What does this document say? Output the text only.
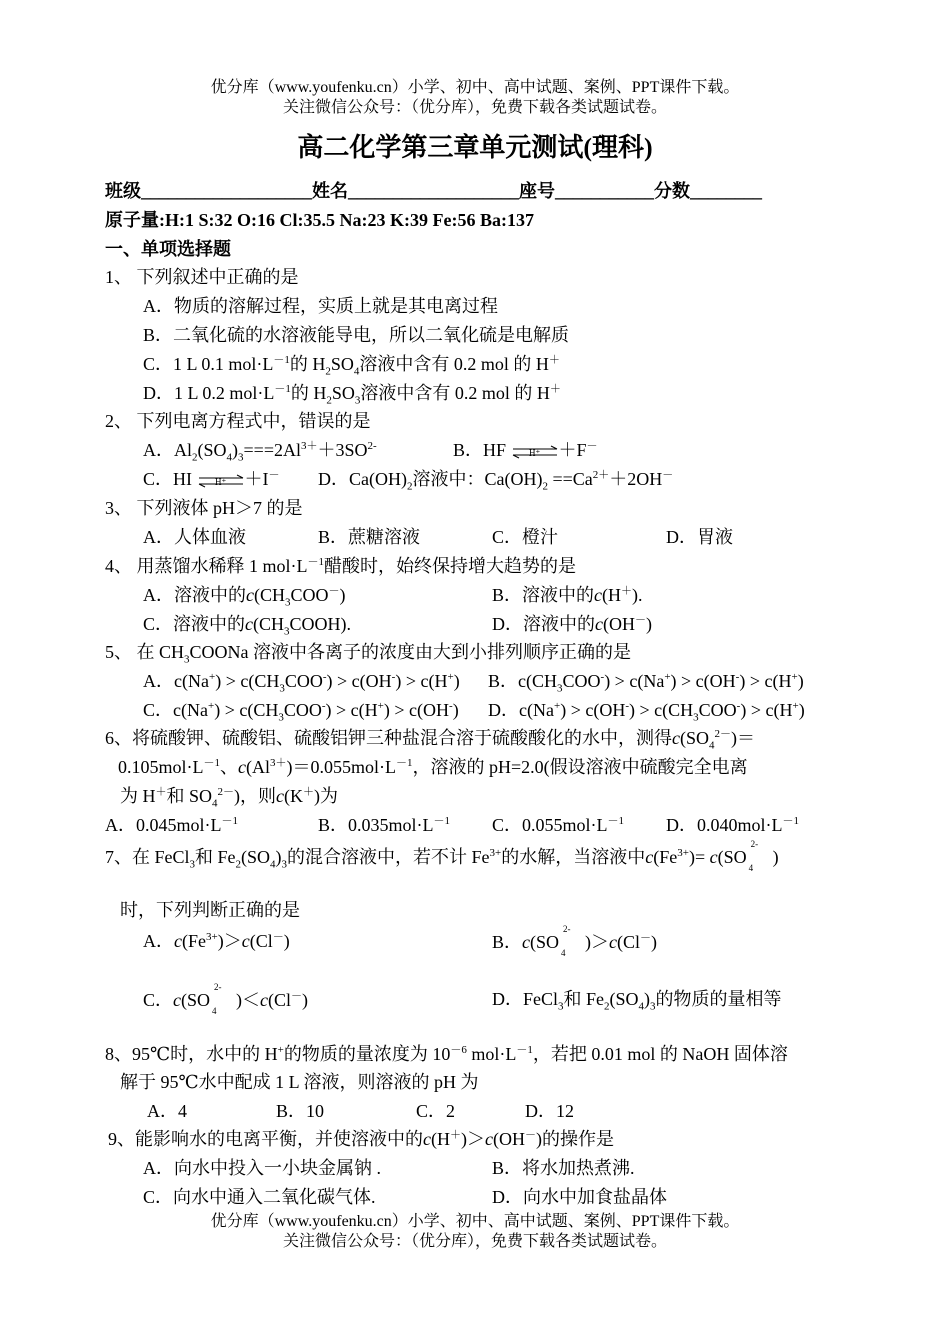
优分库（www.youfenku.cn）小学、初中、高中试题、案例、PPT课件下载。
关注微信公众号：（优分库），免费下载各类试题试卷。
高二化学第三章单元测试(理科)
班级___________________姓名___________________座号___________分数________
原子量:H:1 S:32 O:16 Cl:35.5 Na:23 K:39 Fe:56 Ba:137
一、单项选择题
1、 下列叙述中正确的是
A．物质的溶解过程，实质上就是其电离过程
B．二氧化硫的水溶液能导电，所以二氧化硫是电解质
C．1 L 0.1 $mol\cdot L^{-1}$的 $H_2SO_4$溶液中含有 0.2 mol 的 H＋
D．1 L 0.2 $mol\cdot L^{-1}$的 $H_2SO_3$溶液中含有 0.2 mol 的 H＋
2、 下列电离方程式中，错误的是
A．$Al_2(SO_4)_3===2Al^{3+}+3SO^{2-}$	B．HF	H⁺ ＋F－
C．HI	H⁺ ＋I－ D．$Ca(OH)_2$溶液中：$Ca(OH)_2 ==Ca^{2+}+2OH^-$
3、 下列液体 pH＞7 的是
A．人体血液	B．蔗糖溶液	C．橙汁	D．胃液
4、 用蒸馏水稀释 1 $mol\cdot L^{-1}$醋酸时，始终保持增大趋势的是
A．溶液中的$c(CH_3COO^-)$	B．溶液中的c(H＋).
C．溶液中的$c(CH_3COOH)$.	D．溶液中的c(OH－)
5、 在 $CH_3COONa$ 溶液中各离子的浓度由大到小排列顺序正确的是
A．$c(Na^+) > c(CH_3COO^-) > c(OH^-) > c(H^+)$ B．$c(CH_3COO^-) > c(Na^+) > c(OH^-) > c(H^+)$
C．$c(Na^+) > c(CH_3COO^-) > c(H^+) > c(OH^-)$ D．$c(Na^+) > c(OH^-) > c(CH_3COO^-) > c(H^+)$
6、将硫酸钾、硫酸铝、硫酸铝钾三种盐混合溶于硫酸酸化的水中，测得$c(SO_4^{2-})=$
$0.105mol\cdot L^{-1}$、$c(Al^{3+})=0.055mol\cdot L^{-1}$，溶液的 pH=2.0(假设溶液中硫酸完全电离
为 H＋和 $SO_4^{2-}$)，则c(K＋)为
A．$0.045mol\cdot L^{-1}$	B．$0.035mol\cdot L^{-1}$ C．$0.055mol\cdot L^{-1}$ D．$0.040mol\cdot L^{-1}$
7、在 FeCl$_3$和 $Fe_2(SO_4)_3$的混合溶液中，若不计 $Fe^{3+}$的水解，当溶液中$c(Fe^{3+})= c(SO$
2-
4
)
时，下列判断正确的是
A．$c(Fe^{3+})>c(Cl^-)$	B．c(SO
2-
4
)＞c(Cl－)
C．c(SO
2-
4
)＜c(Cl－)	D．FeCl$_3$和 $Fe_2(SO_4)_3$的物质的量相等
8、95℃时，水中的 H+的物质的量浓度为 $10^{-6}$ $mol\cdot L^{-1}$，若把 0.01 mol 的 NaOH 固体溶
解于 95℃水中配成 1 L 溶液，则溶液的 pH 为
A．4	B．10	C．2	D．12
9、能影响水的电离平衡，并使溶液中的c(H＋)＞c(OH－)的操作是
A．向水中投入一小块金属钠 .	B．将水加热煮沸.
C．向水中通入二氧化碳气体.	D．向水中加食盐晶体
优分库（www.youfenku.cn）小学、初中、高中试题、案例、PPT课件下载。
关注微信公众号：（优分库），免费下载各类试题试卷。
